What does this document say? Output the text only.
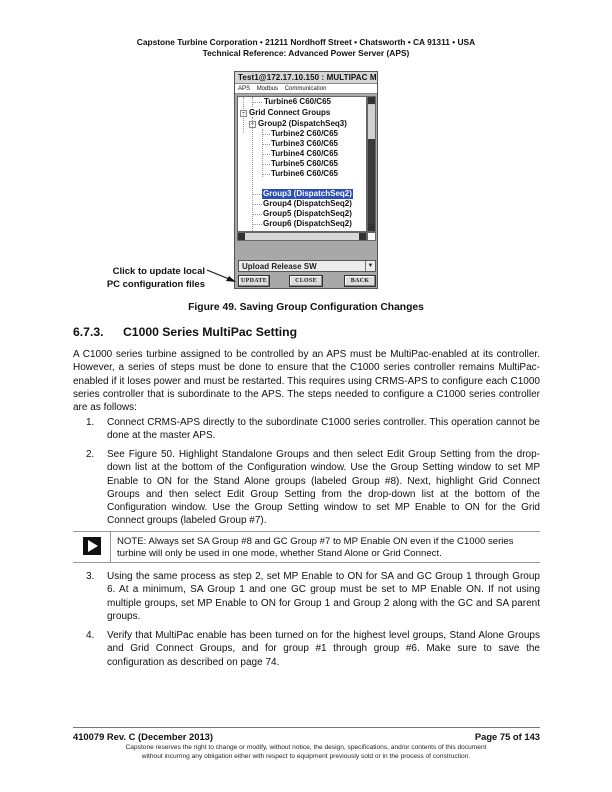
Capstone Turbine Corporation • 21211 Nordhoff Street • Chatsworth • CA 91311 • USA
Technical Reference: Advanced Power Server (APS)
Test1@172.17.10.150 : MULTIPAC M
APS Modbus Communication
Turbine6 C60/C65
− Grid Connect Groups
− Group2 (DispatchSeq3)
Turbine2 C60/C65
Turbine3 C60/C65
Turbine4 C60/C65
Turbine5 C60/C65
Turbine6 C60/C65
Group3 (DispatchSeq2)
Group4 (DispatchSeq2)
Group5 (DispatchSeq2)
Group6 (DispatchSeq2)
Upload Release SW	▼
UPDATE	CLOSE	BACK
Click to update local
PC configuration files
Figure 49. Saving Group Configuration Changes
6.7.3. C1000 Series MultiPac Setting
A C1000 series turbine assigned to be controlled by an APS must be MultiPac-enabled at its controller. However, a series of steps must be done to ensure that the C1000 series controller remains MultiPac-enabled if it loses power and must be restarted. This requires using CRMS-APS to configure each C1000 series controller that is subordinate to the APS. The steps needed to configure a C1000 series controller are as follows:
1. Connect CRMS-APS directly to the subordinate C1000 series controller. This operation cannot be done at the master APS.
2. See Figure 50. Highlight Standalone Groups and then select Edit Group Setting from the drop-down list at the bottom of the Configuration window. Use the Group Setting window to set MP Enable to ON for the Stand Alone groups (labeled Group #8). Next, highlight Grid Connect Groups and then select Edit Group Setting from the drop-down list at the bottom of the Configuration window. Use the Group Setting window to set MP Enable to ON for the Grid Connect groups (labeled Group #7).
NOTE: Always set SA Group #8 and GC Group #7 to MP Enable ON even if the C1000 series turbine will only be used in one mode, whether Stand Alone or Grid Connect.
3. Using the same process as step 2, set MP Enable to ON for SA and GC Group 1 through Group 6. At a minimum, SA Group 1 and one GC group must be set to MP Enable ON. If not using multiple groups, set MP Enable to ON for Group 1 and Group 2 along with the GC and SA parent groups.
4. Verify that MultiPac enable has been turned on for the highest level groups, Stand Alone Groups and Grid Connect Groups, and for group #1 through group #6. Make sure to save the configuration as described on page 74.
410079 Rev. C (December 2013)	Page 75 of 143
Capstone reserves the right to change or modify, without notice, the design, specifications, and/or contents of this document
without incurring any obligation either with respect to equipment previously sold or in the process of construction.
